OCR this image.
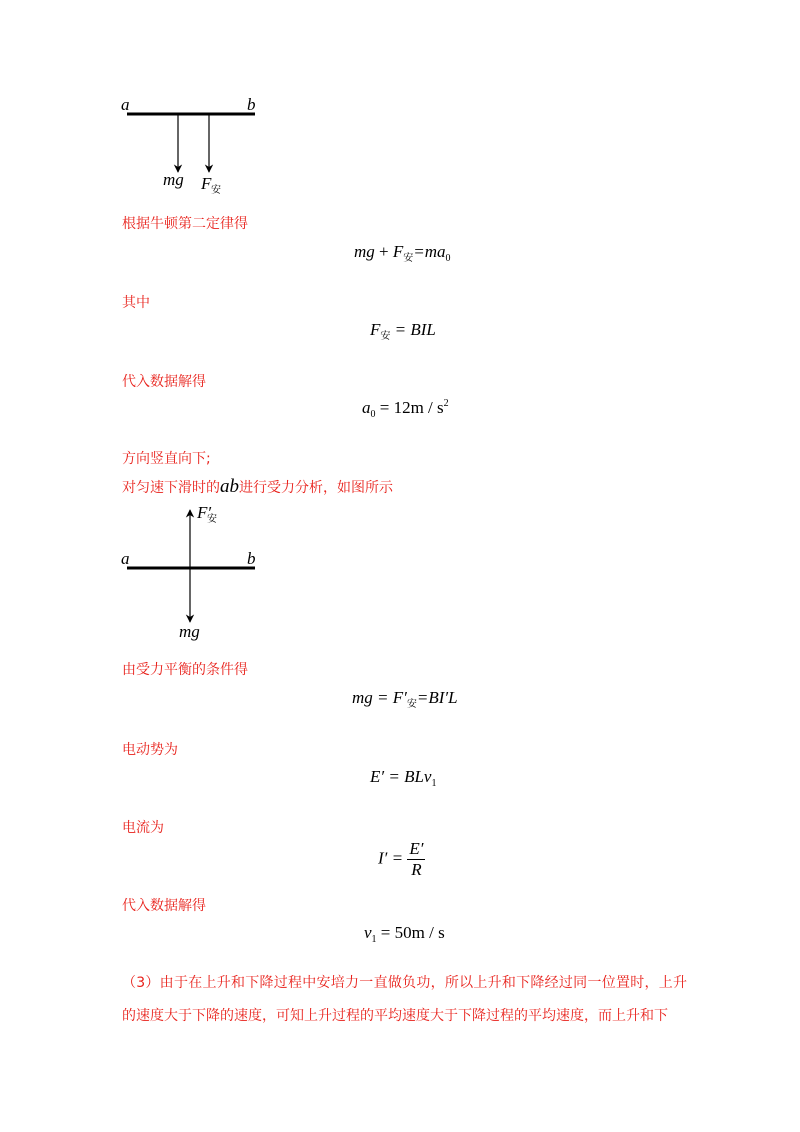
a	b
mg F 安
根据牛顿第二定律得
mg + $F_安=ma_0$
其中
$F_安$ = BIL
代入数据解得
$a_0 = 12m / s^2$
方向竖直向下;
对匀速下滑时的ab进行受力分析，如图所示
F′
安
a	b
mg
由受力平衡的条件得
mg = $F'_安=BI'L$
电动势为
E′ = BLv$_1$
电流为
$I' = \frac{E'}{R}$
代入数据解得
$v_1 = 50m / s$
（3）由于在上升和下降过程中安培力一直做负功，所以上升和下降经过同一位置时，上升的速度大于下降的速度，可知上升过程的平均速度大于下降过程的平均速度，而上升和下
